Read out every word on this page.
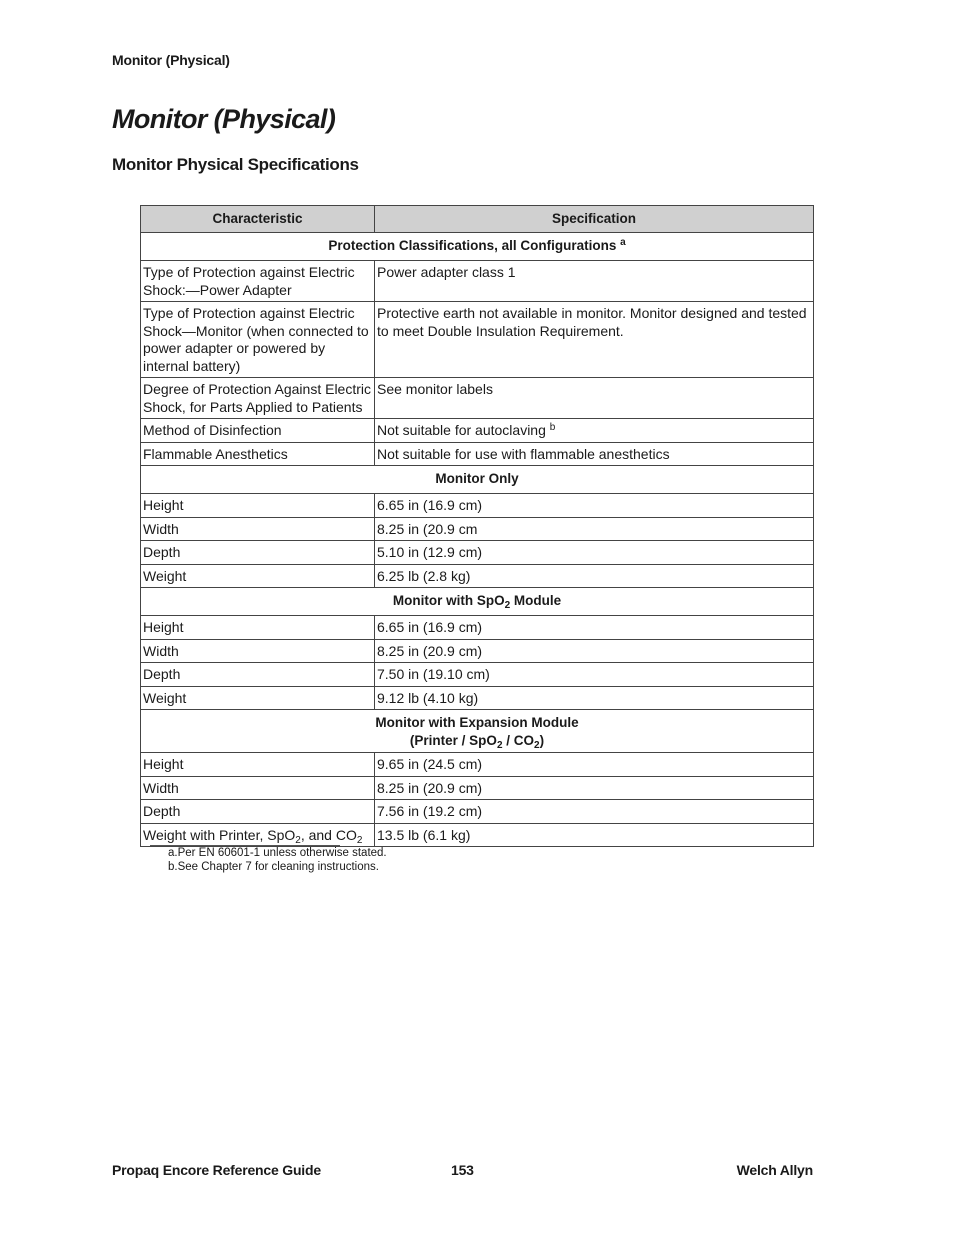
Monitor (Physical)
Monitor (Physical)
Monitor Physical Specifications
Characteristic	Specification
Protection Classifications, all Configurations $^a$
Type of Protection against Electric Shock:—Power Adapter	Power adapter class 1
Type of Protection against Electric Shock—Monitor (when connected to power adapter or powered by internal battery)	Protective earth not available in monitor. Monitor designed and tested to meet Double Insulation Requirement.
Degree of Protection Against Electric Shock, for Parts Applied to Patients	See monitor labels
Method of Disinfection	Not suitable for autoclaving $^b$
Flammable Anesthetics	Not suitable for use with flammable anesthetics
Monitor Only	
Height	6.65 in (16.9 cm)
Width	8.25 in (20.9 cm
Depth	5.10 in (12.9 cm)
Weight	6.25 lb (2.8 kg)
Monitor with SpO$_2$ Module	
Height	6.65 in (16.9 cm)
Width	8.25 in (20.9 cm)
Depth	7.50 in (19.10 cm)
Weight	9.12 lb (4.10 kg)

Monitor with Expansion Module
(Printer / $SpO_2 / CO_2$)	

Height	9.65 in (24.5 cm)
Width	8.25 in (20.9 cm)
Depth	7.56 in (19.2 cm)
Weight with Printer, SpO$_2$, and $CO_2$	13.5 lb (6.1 kg)
a.Per EN 60601-1 unless otherwise stated.
b.See Chapter 7 for cleaning instructions.
Propaq Encore Reference Guide	153	Welch Allyn
